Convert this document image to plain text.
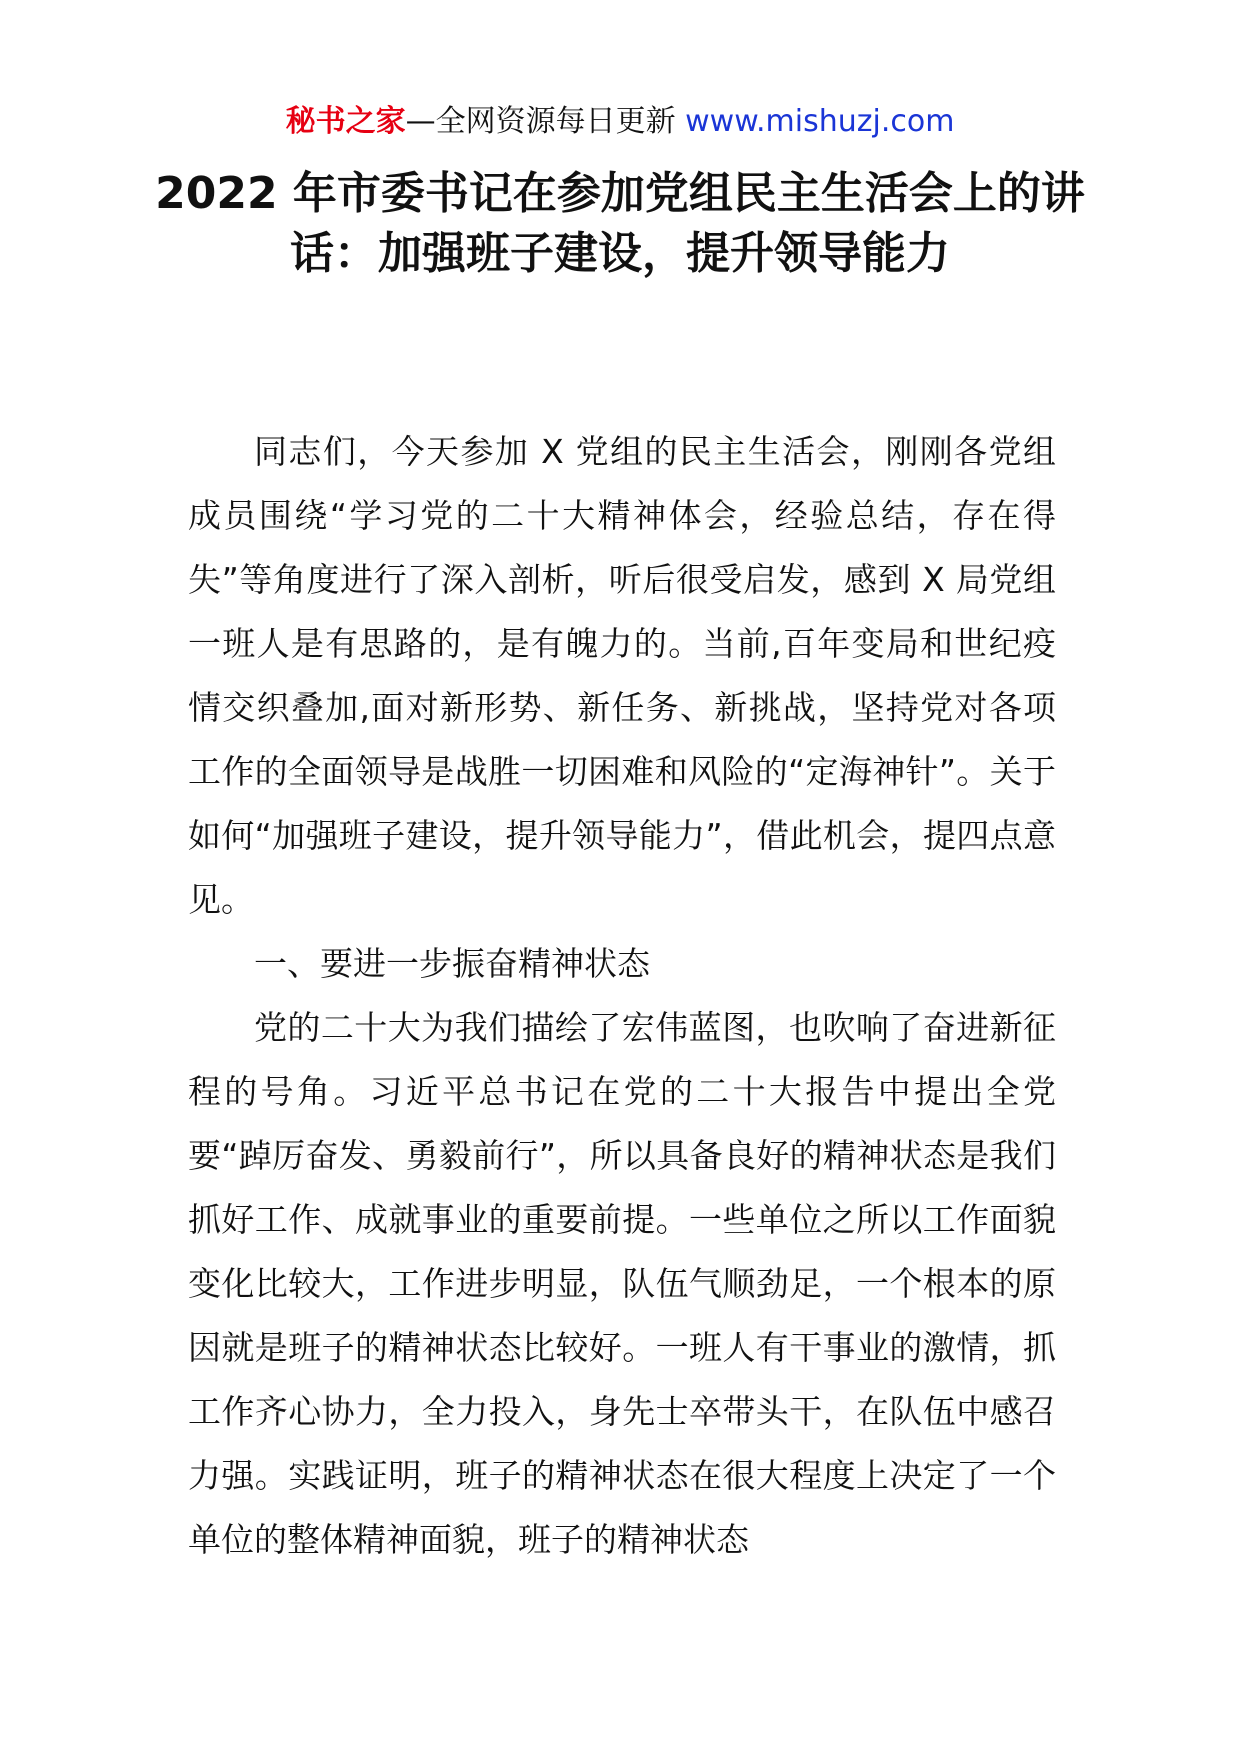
秘书之家—全网资源每日更新 www.mishuzj.com
2022 年市委书记在参加党组民主生活会上的讲话：加强班子建设，提升领导能力

同志们，今天参加 X 党组的民主生活会，刚刚各党组成员围绕“学习党的二十大精神体会，经验总结，存在得失”等角度进行了深入剖析，听后很受启发，感到 X 局党组一班人是有思路的，是有魄力的。当前,百年变局和世纪疫情交织叠加,面对新形势、新任务、新挑战，坚持党对各项工作的全面领导是战胜一切困难和风险的“定海神针”。关于如何“加强班子建设，提升领导能力”，借此机会，提四点意见。

一、要进一步振奋精神状态

党的二十大为我们描绘了宏伟蓝图，也吹响了奋进新征程的号角。习近平总书记在党的二十大报告中提出全党要“踔厉奋发、勇毅前行”，所以具备良好的精神状态是我们抓好工作、成就事业的重要前提。一些单位之所以工作面貌变化比较大，工作进步明显，队伍气顺劲足，一个根本的原因就是班子的精神状态比较好。一班人有干事业的激情，抓工作齐心协力，全力投入，身先士卒带头干，在队伍中感召力强。实践证明，班子的精神状态在很大程度上决定了一个单位的整体精神面貌，班子的精神状态
